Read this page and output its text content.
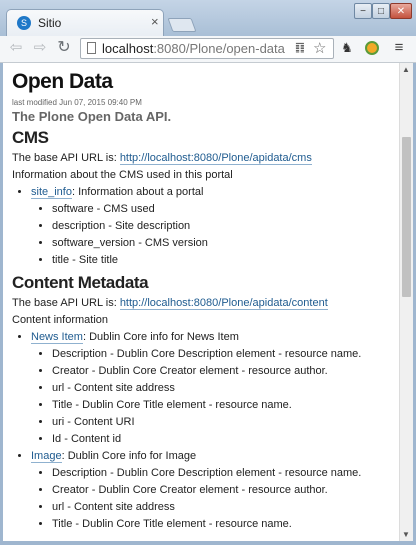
S Sitio	×
−	□	✕
⇦ ⇨ ↻ localhost:8080/Plone/open-data ䷖ ☆ ♞	≡
Open Data
last modified Jun 07, 2015 09:40 PM
The Plone Open Data API.
CMS
The base API URL is: http://localhost:8080/Plone/apidata/cms
Information about the CMS used in this portal
• site_info: Information about a portal
• software - CMS used
• description - Site description
• software_version - CMS version
• title - Site title
Content Metadata
The base API URL is: http://localhost:8080/Plone/apidata/content
Content information
• News Item: Dublin Core info for News Item
• Description - Dublin Core Description element - resource name.
• Creator - Dublin Core Creator element - resource author.
• url - Content site address
• Title - Dublin Core Title element - resource name.
• uri - Content URI
• Id - Content id
• Image: Dublin Core info for Image
• Description - Dublin Core Description element - resource name.
• Creator - Dublin Core Creator element - resource author.
• url - Content site address
• Title - Dublin Core Title element - resource name.
▲
▼
